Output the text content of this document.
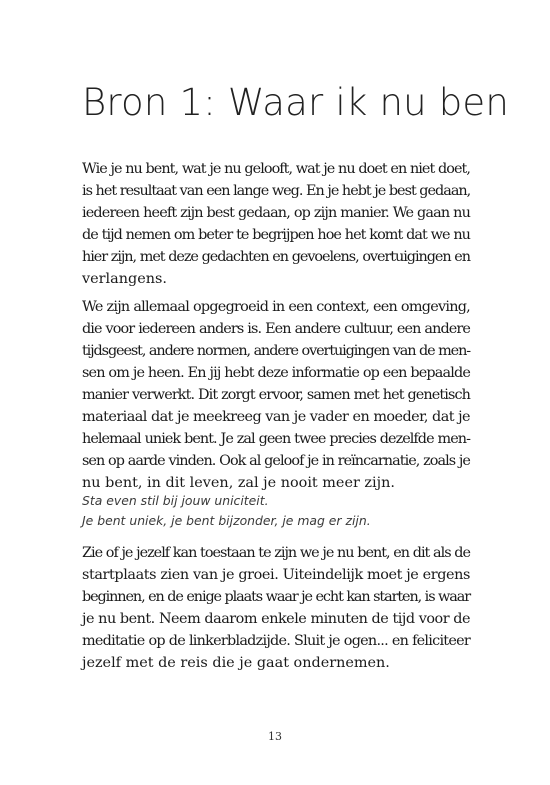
Bron 1: Waar ik nu ben

Wie je nu bent, wat je nu gelooft, wat je nu doet en niet doet,
is het resultaat van een lange weg. En je hebt je best gedaan,
iedereen heeft zijn best gedaan, op zijn manier. We gaan nu
de tijd nemen om beter te begrijpen hoe het komt dat we nu
hier zijn, met deze gedachten en gevoelens, overtuigingen en
verlangens.

We zijn allemaal opgegroeid in een context, een omgeving,
die voor iedereen anders is. Een andere cultuur, een andere
tijdsgeest, andere normen, andere overtuigingen van de men-
sen om je heen. En jij hebt deze informatie op een bepaalde
manier verwerkt. Dit zorgt ervoor, samen met het genetisch
materiaal dat je meekreeg van je vader en moeder, dat je
helemaal uniek bent. Je zal geen twee precies dezelfde men-
sen op aarde vinden. Ook al geloof je in reïncarnatie, zoals je
nu bent, in dit leven, zal je nooit meer zijn.

Sta even stil bij jouw uniciteit.
Je bent uniek, je bent bijzonder, je mag er zijn.

Zie of je jezelf kan toestaan te zijn we je nu bent, en dit als de
startplaats zien van je groei. Uiteindelijk moet je ergens
beginnen, en de enige plaats waar je echt kan starten, is waar
je nu bent. Neem daarom enkele minuten de tijd voor de
meditatie op de linkerbladzijde. Sluit je ogen... en feliciteer
jezelf met de reis die je gaat ondernemen.

13
